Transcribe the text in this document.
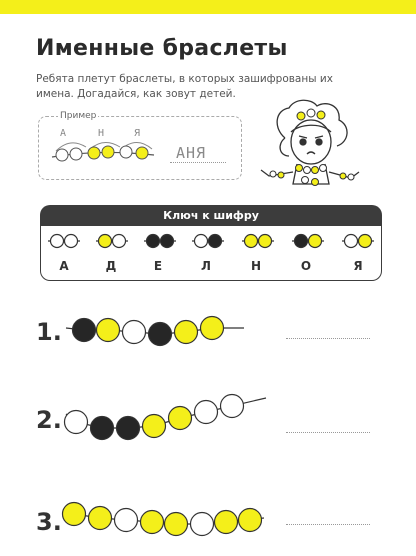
Именные браслеты
Ребята плетут браслеты, в которых зашифрованы их имена. Догадайся, как зовут детей.
Пример
А	Н	Я
АНЯ
Ключ к шифру
А	Д	Е	Л	Н	О	Я
1.
2.
3.
